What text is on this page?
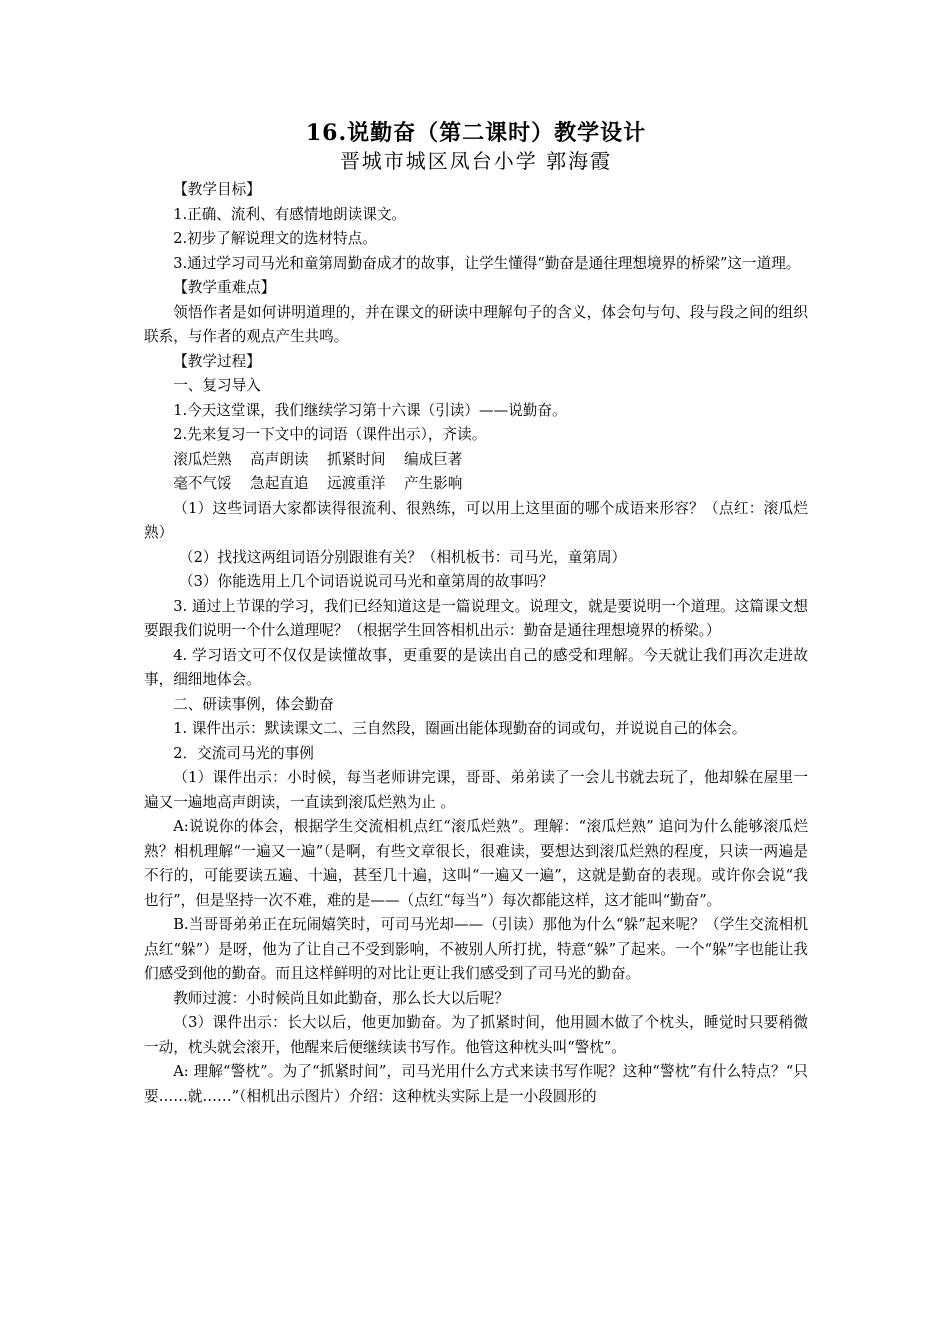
16.说勤奋（第二课时）教学设计
晋城市城区凤台小学 郭海霞

【教学目标】

1.正确、流利、有感情地朗读课文。

2.初步了解说理文的选材特点。

3.通过学习司马光和童第周勤奋成才的故事，让学生懂得“勤奋是通往理想境界的桥梁”这一道理。

【教学重难点】

领悟作者是如何讲明道理的，并在课文的研读中理解句子的含义，体会句与句、段与段之间的组织联系，与作者的观点产生共鸣。

【教学过程】

一、复习导入

1.今天这堂课，我们继续学习第十六课（引读）——说勤奋。

2.先来复习一下文中的词语（课件出示），齐读。

滚瓜烂熟    高声朗读    抓紧时间    编成巨著

毫不气馁    急起直追    远渡重洋    产生影响

（1）这些词语大家都读得很流利、很熟练，可以用上这里面的哪个成语来形容？（点红：滚瓜烂熟）

（2）找找这两组词语分别跟谁有关？（相机板书：司马光，童第周）

（3）你能选用上几个词语说说司马光和童第周的故事吗？

3. 通过上节课的学习，我们已经知道这是一篇说理文。说理文，就是要说明一个道理。这篇课文想要跟我们说明一个什么道理呢？（根据学生回答相机出示：勤奋是通往理想境界的桥梁。）

4. 学习语文可不仅仅是读懂故事，更重要的是读出自己的感受和理解。今天就让我们再次走进故事，细细地体会。

二、研读事例，体会勤奋

1. 课件出示：默读课文二、三自然段，圈画出能体现勤奋的词或句，并说说自己的体会。

2．交流司马光的事例

（1）课件出示：小时候，每当老师讲完课，哥哥、弟弟读了一会儿书就去玩了，他却躲在屋里一遍又一遍地高声朗读，一直读到滚瓜烂熟为止 。

A:说说你的体会，根据学生交流相机点红“滚瓜烂熟”。理解：“滚瓜烂熟” 追问为什么能够滚瓜烂熟？相机理解“一遍又一遍”（是啊，有些文章很长，很难读，要想达到滚瓜烂熟的程度，只读一两遍是不行的，可能要读五遍、十遍，甚至几十遍，这叫“一遍又一遍”，这就是勤奋的表现。或许你会说“我也行”，但是坚持一次不难，难的是——（点红“每当”）每次都能这样，这才能叫“勤奋”。

B.当哥哥弟弟正在玩闹嬉笑时，可司马光却——（引读）那他为什么“躲”起来呢？（学生交流相机点红“躲”）是呀，他为了让自己不受到影响，不被别人所打扰，特意“躲”了起来。一个“躲”字也能让我们感受到他的勤奋。而且这样鲜明的对比让更让我们感受到了司马光的勤奋。

教师过渡：小时候尚且如此勤奋，那么长大以后呢？

（3）课件出示：长大以后，他更加勤奋。为了抓紧时间，他用圆木做了个枕头，睡觉时只要稍微一动，枕头就会滚开，他醒来后便继续读书写作。他管这种枕头叫“警枕”。

A: 理解“警枕”。为了“抓紧时间”，司马光用什么方式来读书写作呢？这种“警枕”有什么特点？“只要……就……”（相机出示图片）介绍：这种枕头实际上是一小段圆形的
